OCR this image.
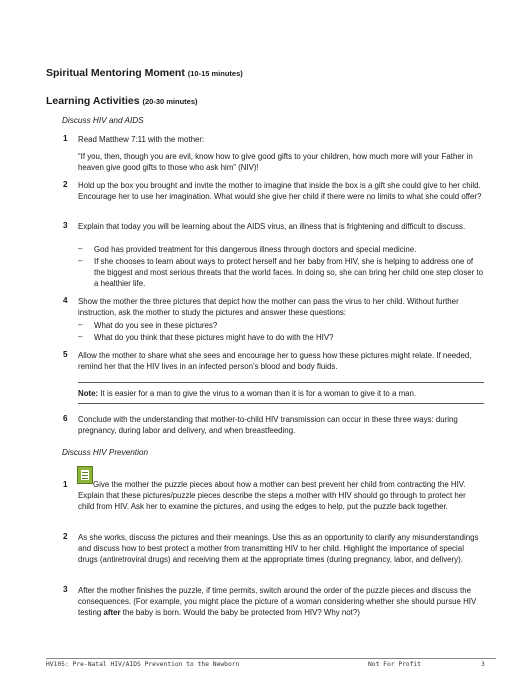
Spiritual Mentoring Moment (10-15 minutes)
Learning Activities (20-30 minutes)
Discuss HIV and AIDS
1 Read Matthew 7:11 with the mother:
“If you, then, though you are evil, know how to give good gifts to your children, how much more will your Father in heaven give good gifts to those who ask him” (NIV)!
2 Hold up the box you brought and invite the mother to imagine that inside the box is a gift she could give to her child. Encourage her to use her imagination. What would she give her child if there were no limits to what she could offer?
3 Explain that today you will be learning about the AIDS virus, an illness that is frightening and difficult to discuss.
– God has provided treatment for this dangerous illness through doctors and special medicine.
– If she chooses to learn about ways to protect herself and her baby from HIV, she is helping to address one of the biggest and most serious threats that the world faces. In doing so, she can bring her child one step closer to a healthier life.
4 Show the mother the three pictures that depict how the mother can pass the virus to her child. Without further instruction, ask the mother to study the pictures and answer these questions:
– What do you see in these pictures?
– What do you think that these pictures might have to do with the HIV?
5 Allow the mother to share what she sees and encourage her to guess how these pictures might relate. If needed, remind her that the HIV lives in an infected person’s blood and body fluids.
Note: It is easier for a man to give the virus to a woman than it is for a woman to give it to a man.
6 Conclude with the understanding that mother-to-child HIV transmission can occur in these three ways: during pregnancy, during labor and delivery, and when breastfeeding.
Discuss HIV Prevention
1	Give the mother the puzzle pieces about how a mother can best prevent her child from contracting the HIV. Explain that these pictures/puzzle pieces describe the steps a mother with HIV should go through to protect her child from HIV. Ask her to examine the pictures, and using the edges to help, put the puzzle back together.
2 As she works, discuss the pictures and their meanings. Use this as an opportunity to clarify any misunderstandings and discuss how to best protect a mother from transmitting HIV to her child. Highlight the importance of special drugs (antiretroviral drugs) and receiving them at the appropriate times (during pregnancy, labor, and delivery).
3 After the mother finishes the puzzle, if time permits, switch around the order of the puzzle pieces and discuss the consequences. (For example, you might place the picture of a woman considering whether she should pursue HIV testing after the baby is born. Would the baby be protected from HIV? Why not?)
HV105: Pre-Natal HIV/AIDS Prevention to the Newborn	Not For Profit	3
